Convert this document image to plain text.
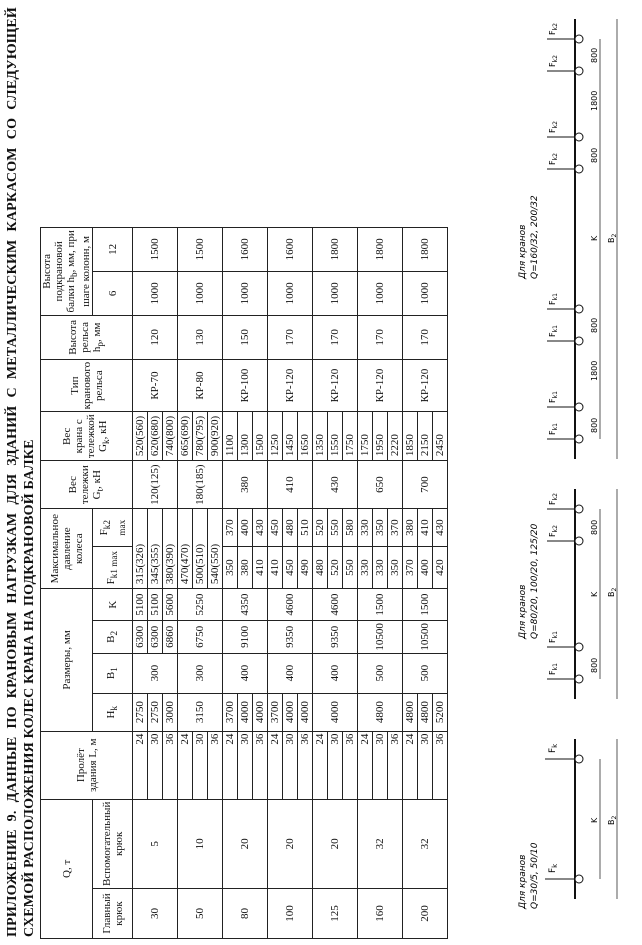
ПРИЛОЖЕНИЕ 9. ДАННЫЕ ПО КРАНОВЫМ НАГРУЗКАМ ДЛЯ ЗДАНИЙ С МЕТАЛЛИЧЕСКИМ КАРКАСОМ СО СЛЕДУЮЩЕЙ СХЕМОЙ РАСПОЛОЖЕНИЯ КОЛЕС КРАНА НА ПОДКРАНОВОЙ БАЛКЕ Q, т		Пролёт здания L, м	Размеры, мм				Максимальное давление колеса		Вес тележки $G_t$, кН	Вес крана с тележкой $G_k$, кН	Тип кранового рельса	Высота рельса $h_p$, мм	Высота подкрановой балки $h_b$, мм, при шаге колонн, м	
Главный крюк	Вспомогательный крюк		$H_k$	$B_1$	$B_2$	K	$F_{k1 max}$	$F_{k2 max}$					6	12
30	5	24	2750	300	6300	5100	315(326)		120(125)	520(560)	КР-70	120	1000	1500
		30	2750		6300	5100	345(355)			620(680)				
		36	3000		6860	5600	380(390)			740(800)				
50	10	24	3150	300	6750	5250	470(470)		180(185)	665(690)	КР-80	130	1000	1500
		30					500(510)			780(795)				
		36					540(550)			900(920)				
80	20	24	3700	400	9100	4350	350	370	380	1100	КР-100	150	1000	1600
		30	4000				380	400		1300				
		36	4000				410	430		1500				
100	20	24	3700	400	9350	4600	410	450	410	1250	КР-120	170	1000	1600
		30	4000				450	480		1450				
		36	4000				490	510		1650				
125	20	24	4000	400	9350	4600	480	520	430	1350	КР-120	170	1000	1800
		30					520	550		1550				
		36					550	580		1750				
160	32	24	4800	500	10500	1500	330	330	650	1750	КР-120	170	1000	1800
		30					330	350		1950				
		36					350	370		2220				
200	32	24	4800	500	10500	1500	370	380	700	1850	КР-120	170	1000	1800
		30	4800				400	410		2150				
		36	5200				420	430		2450				
Для кранов Q=30/5, 50/10 $F_k$
$F_k$
K $B_2$
Для кранов Q=80/20, 100/20, 125/20
$F_{k1}$
$F_{k1}$
$F_{k2}$
$F_{k2}$
800
K
800
$B_2$
Для кранов Q=160/32, 200/32
$F_{k1}$
$F_{k1}$
$F_{k1}$
$F_{k1}$
$F_{k2}$
$F_{k2}$
$F_{k2}$
$F_{k2}$
800
1800
800
K
800
1800
800
$B_2$
